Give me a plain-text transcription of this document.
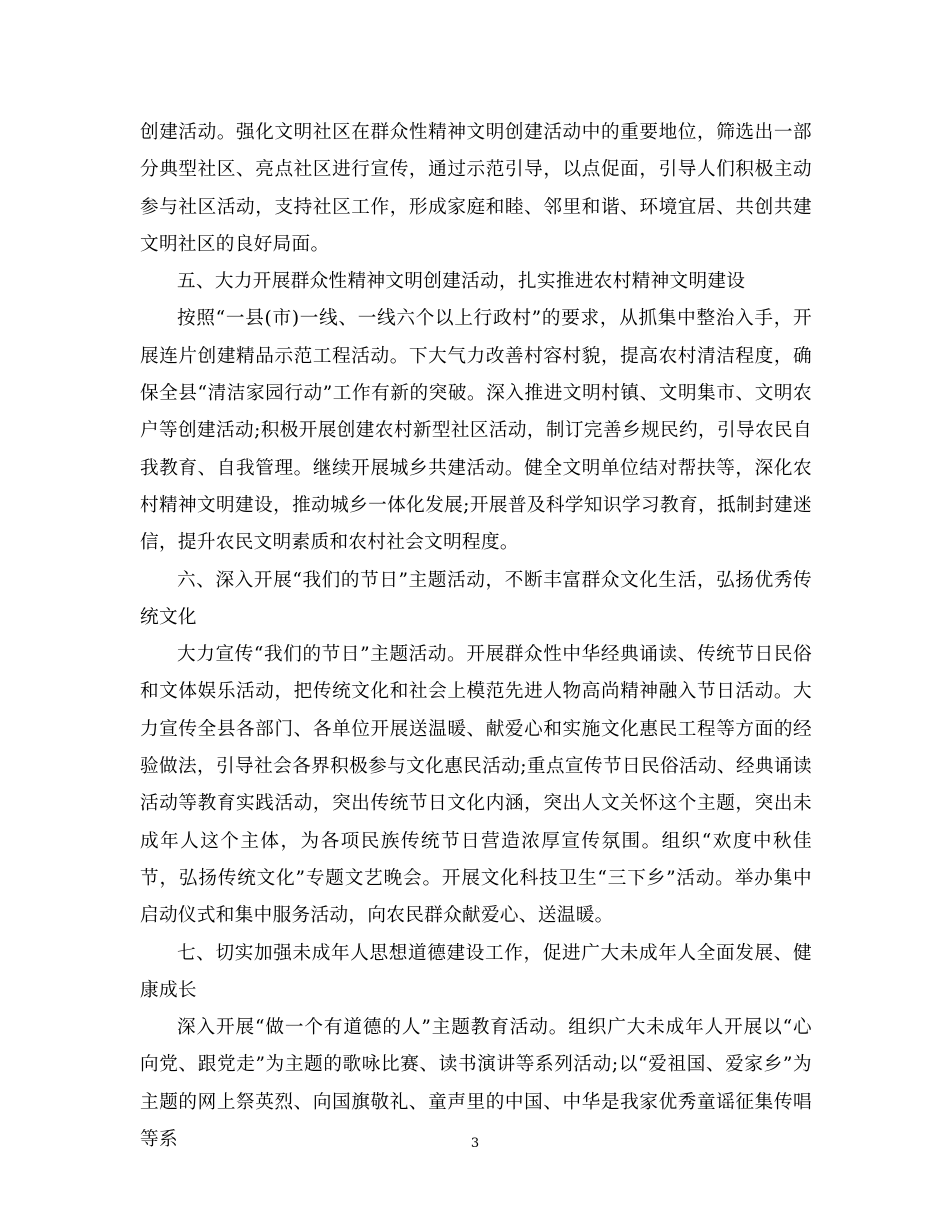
创建活动。强化文明社区在群众性精神文明创建活动中的重要地位，筛选出一部分典型社区、亮点社区进行宣传，通过示范引导，以点促面，引导人们积极主动参与社区活动，支持社区工作，形成家庭和睦、邻里和谐、环境宜居、共创共建文明社区的良好局面。

五、大力开展群众性精神文明创建活动，扎实推进农村精神文明建设

按照“一县(市)一线、一线六个以上行政村”的要求，从抓集中整治入手，开展连片创建精品示范工程活动。下大气力改善村容村貌，提高农村清洁程度，确保全县“清洁家园行动”工作有新的突破。深入推进文明村镇、文明集市、文明农户等创建活动;积极开展创建农村新型社区活动，制订完善乡规民约，引导农民自我教育、自我管理。继续开展城乡共建活动。健全文明单位结对帮扶等，深化农村精神文明建设，推动城乡一体化发展;开展普及科学知识学习教育，抵制封建迷信，提升农民文明素质和农村社会文明程度。

六、深入开展“我们的节日”主题活动，不断丰富群众文化生活，弘扬优秀传统文化

大力宣传“我们的节日”主题活动。开展群众性中华经典诵读、传统节日民俗和文体娱乐活动，把传统文化和社会上模范先进人物高尚精神融入节日活动。大力宣传全县各部门、各单位开展送温暖、献爱心和实施文化惠民工程等方面的经验做法，引导社会各界积极参与文化惠民活动;重点宣传节日民俗活动、经典诵读活动等教育实践活动，突出传统节日文化内涵，突出人文关怀这个主题，突出未成年人这个主体，为各项民族传统节日营造浓厚宣传氛围。组织“欢度中秋佳节，弘扬传统文化”专题文艺晚会。开展文化科技卫生“三下乡”活动。举办集中启动仪式和集中服务活动，向农民群众献爱心、送温暖。

七、切实加强未成年人思想道德建设工作，促进广大未成年人全面发展、健康成长

深入开展“做一个有道德的人”主题教育活动。组织广大未成年人开展以“心向党、跟党走”为主题的歌咏比赛、读书演讲等系列活动;以“爱祖国、爱家乡”为主题的网上祭英烈、向国旗敬礼、童声里的中国、中华是我家优秀童谣征集传唱等系	3
